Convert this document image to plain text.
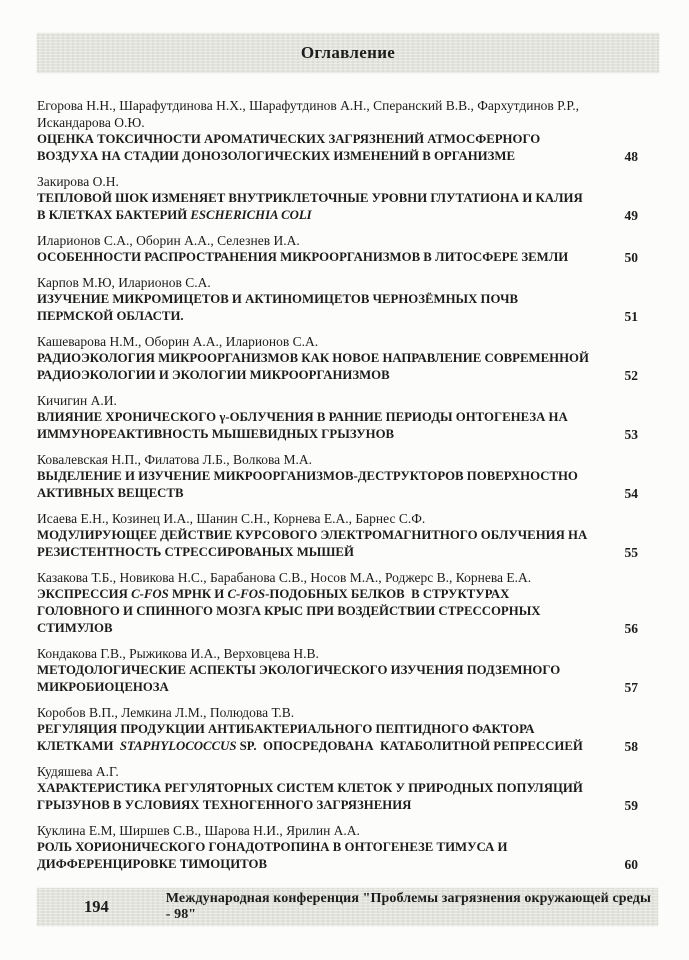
Оглавление
Егорова Н.Н., Шарафутдинова Н.Х., Шарафутдинов А.Н., Сперанский В.В., Фархутдинов Р.Р., Искандарова О.Ю.
ОЦЕНКА ТОКСИЧНОСТИ АРОМАТИЧЕСКИХ ЗАГРЯЗНЕНИЙ АТМОСФЕРНОГО ВОЗДУХА НА СТАДИИ ДОНОЗОЛОГИЧЕСКИХ ИЗМЕНЕНИЙ В ОРГАНИЗМЕ	48
Закирова О.Н.
ТЕПЛОВОЙ ШОК ИЗМЕНЯЕТ ВНУТРИКЛЕТОЧНЫЕ УРОВНИ ГЛУТАТИОНА И КАЛИЯ В КЛЕТКАХ БАКТЕРИЙ ESCHERICHIA COLI	49
Иларионов С.А., Оборин А.А., Селезнев И.А.
ОСОБЕННОСТИ РАСПРОСТРАНЕНИЯ МИКРООРГАНИЗМОВ В ЛИТОСФЕРЕ ЗЕМЛИ	50
Карпов М.Ю, Иларионов С.А.
ИЗУЧЕНИЕ МИКРОМИЦЕТОВ И АКТИНОМИЦЕТОВ ЧЕРНОЗЁМНЫХ ПОЧВ ПЕРМСКОЙ ОБЛАСТИ.	51
Кашеварова Н.М., Оборин А.А., Иларионов С.А.
РАДИОЭКОЛОГИЯ МИКРООРГАНИЗМОВ КАК НОВОЕ НАПРАВЛЕНИЕ СОВРЕМЕННОЙ РАДИОЭКОЛОГИИ И ЭКОЛОГИИ МИКРООРГАНИЗМОВ	52
Кичигин А.И.
ВЛИЯНИЕ ХРОНИЧЕСКОГО γ-ОБЛУЧЕНИЯ В РАННИЕ ПЕРИОДЫ ОНТОГЕНЕЗА НА ИММУНОРЕАКТИВНОСТЬ МЫШЕВИДНЫХ ГРЫЗУНОВ	53
Ковалевская Н.П., Филатова Л.Б., Волкова М.А.
ВЫДЕЛЕНИЕ И ИЗУЧЕНИЕ МИКРООРГАНИЗМОВ-ДЕСТРУКТОРОВ ПОВЕРХНОСТНО АКТИВНЫХ ВЕЩЕСТВ	54
Исаева Е.Н., Козинец И.А., Шанин С.Н., Корнева Е.А., Барнес С.Ф.
МОДУЛИРУЮЩЕЕ ДЕЙСТВИЕ КУРСОВОГО ЭЛЕКТРОМАГНИТНОГО ОБЛУЧЕНИЯ НА РЕЗИСТЕНТНОСТЬ СТРЕССИРОВАНЫХ МЫШЕЙ	55
Казакова Т.Б., Новикова Н.С., Барабанова С.В., Носов М.А., Роджерс В., Корнева Е.А.
ЭКСПРЕССИЯ C-FOS МРНК И C-FOS-ПОДОБНЫХ БЕЛКОВ  В СТРУКТУРАХ ГОЛОВНОГО И СПИННОГО МОЗГА КРЫС ПРИ ВОЗДЕЙСТВИИ СТРЕССОРНЫХ СТИМУЛОВ	56
Кондакова Г.В., Рыжикова И.А., Верховцева Н.В.
МЕТОДОЛОГИЧЕСКИЕ АСПЕКТЫ ЭКОЛОГИЧЕСКОГО ИЗУЧЕНИЯ ПОДЗЕМНОГО МИКРОБИОЦЕНОЗА	57
Коробов В.П., Лемкина Л.М., Полюдова Т.В.
РЕГУЛЯЦИЯ ПРОДУКЦИИ АНТИБАКТЕРИАЛЬНОГО ПЕПТИДНОГО ФАКТОРА КЛЕТКАМИ  STAPHYLOCOCCUS SP.  ОПОСРЕДОВАНА  КАТАБОЛИТНОЙ РЕПРЕССИЕЙ	58
Кудяшева А.Г.
ХАРАКТЕРИСТИКА РЕГУЛЯТОРНЫХ СИСТЕМ КЛЕТОК У ПРИРОДНЫХ ПОПУЛЯЦИЙ ГРЫЗУНОВ В УСЛОВИЯХ ТЕХНОГЕННОГО ЗАГРЯЗНЕНИЯ	59
Куклина Е.М, Ширшев С.В., Шарова Н.И., Ярилин А.А.
РОЛЬ ХОРИОНИЧЕСКОГО ГОНАДОТРОПИНА В ОНТОГЕНЕЗЕ ТИМУСА И ДИФФЕРЕНЦИРОВКЕ ТИМОЦИТОВ	60
194	Международная конференция "Проблемы загрязнения окружающей среды - 98"
